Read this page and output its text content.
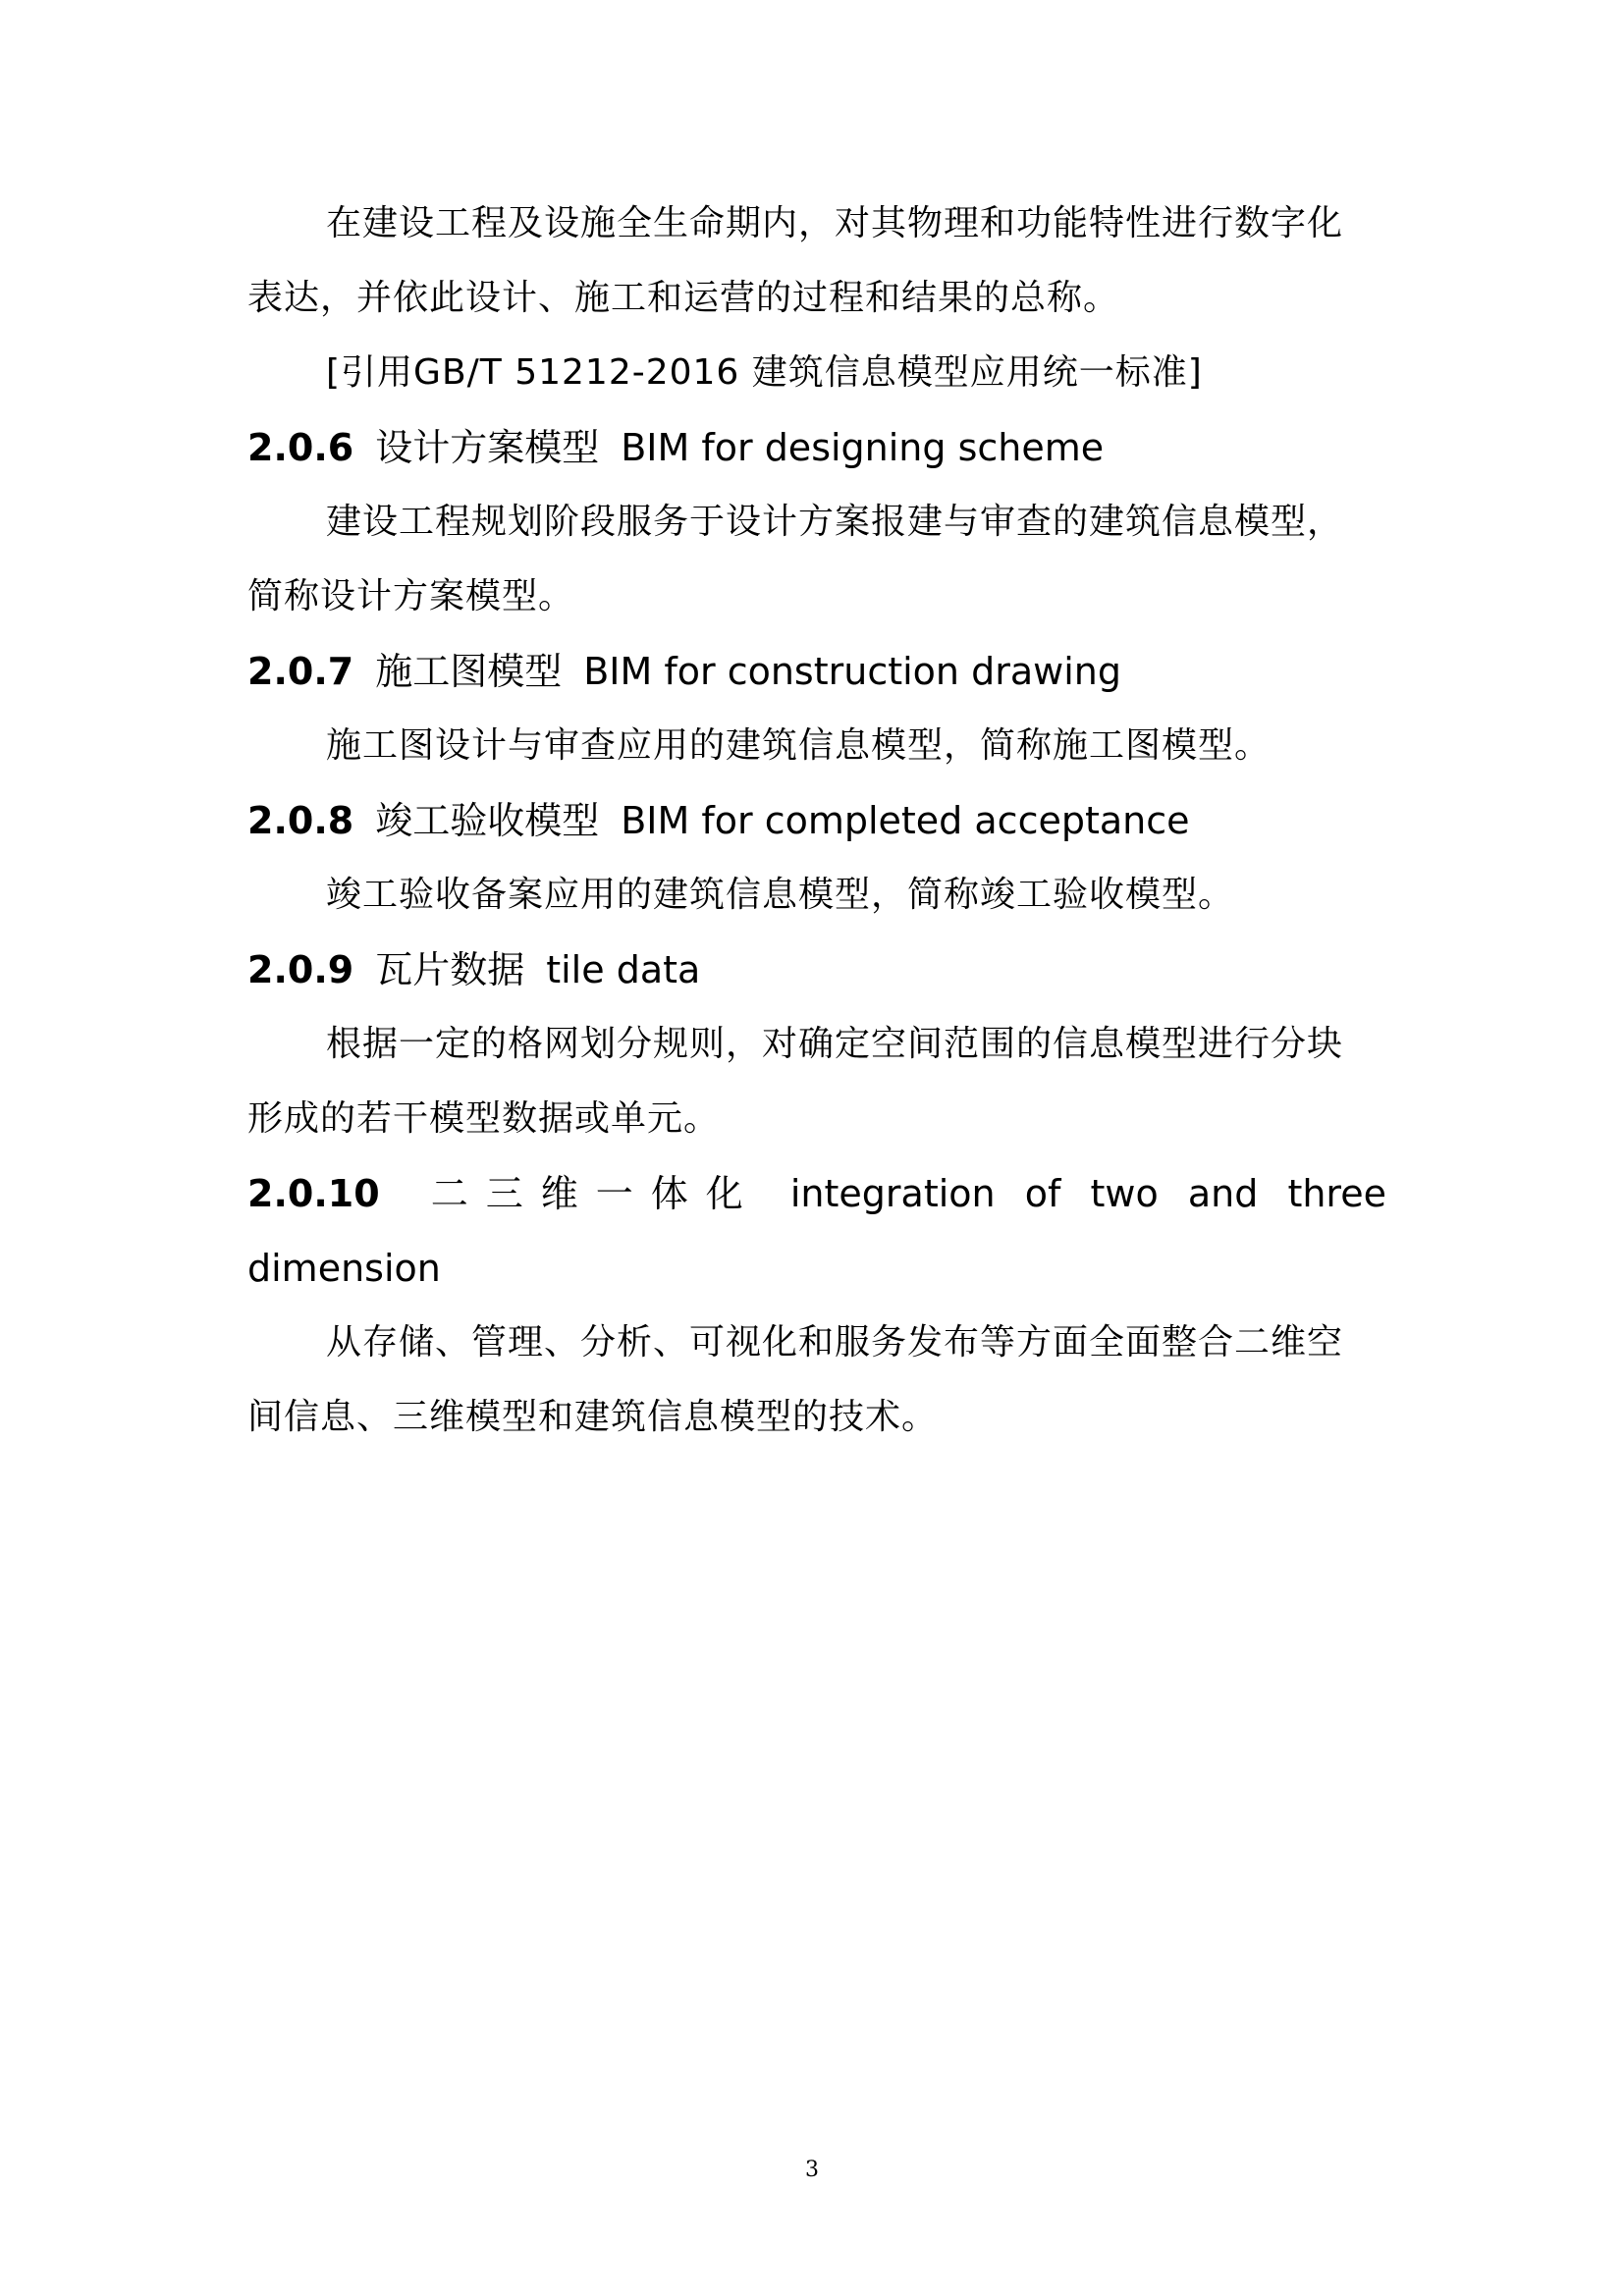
在建设工程及设施全生命期内，对其物理和功能特性进行数字化

表达，并依此设计、施工和运营的过程和结果的总称。

[引用GB/T 51212-2016 建筑信息模型应用统一标准]

2.0.6 设计方案模型 BIM for designing scheme

建设工程规划阶段服务于设计方案报建与审查的建筑信息模型，

简称设计方案模型。

2.0.7 施工图模型 BIM for construction drawing

施工图设计与审查应用的建筑信息模型，简称施工图模型。

2.0.8 竣工验收模型 BIM for completed acceptance

竣工验收备案应用的建筑信息模型，简称竣工验收模型。

2.0.9 瓦片数据 tile data

根据一定的格网划分规则，对确定空间范围的信息模型进行分块

形成的若干模型数据或单元。

2.0.10 二三维一体化 integration of two and three
dimension

从存储、管理、分析、可视化和服务发布等方面全面整合二维空

间信息、三维模型和建筑信息模型的技术。

3
